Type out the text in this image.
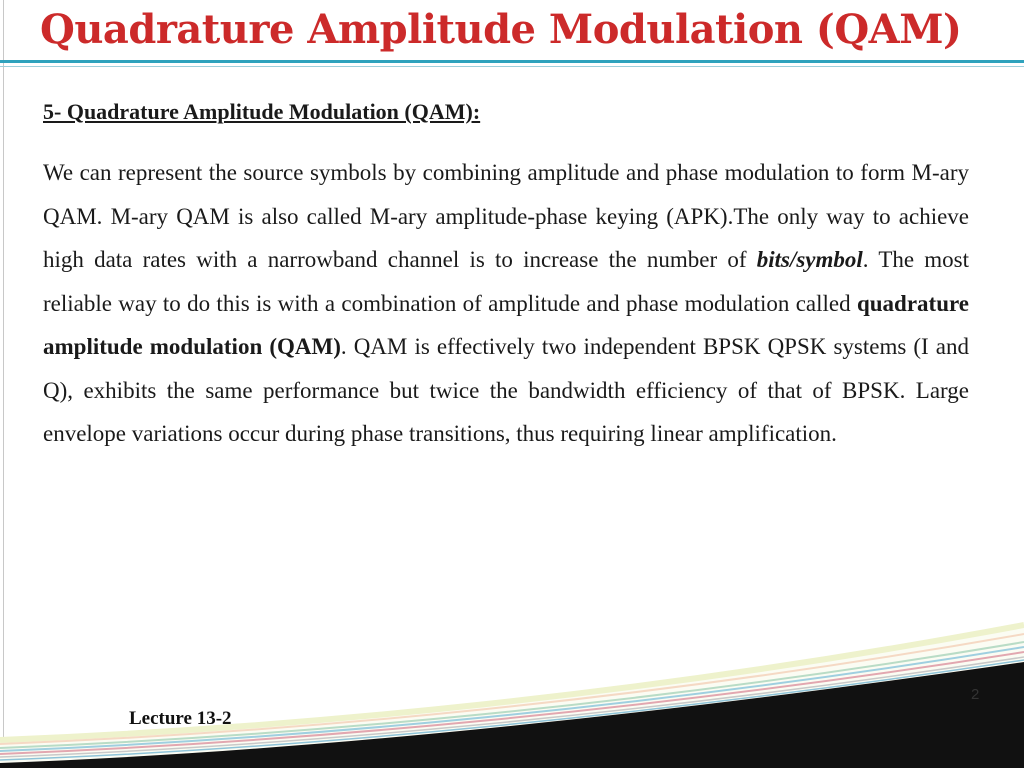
Quadrature Amplitude Modulation (QAM)

5- Quadrature Amplitude Modulation (QAM):

We can represent the source symbols by combining amplitude and phase modulation to form M-ary QAM. M-ary QAM is also called M-ary amplitude-phase keying (APK).The only way to achieve high data rates with a narrowband channel is to increase the number of bits/symbol. The most reliable way to do this is with a combination of amplitude and phase modulation called quadrature amplitude modulation (QAM). QAM is effectively two independent BPSK QPSK systems (I and Q), exhibits the same performance but twice the bandwidth efficiency of that of BPSK. Large envelope variations occur during phase transitions, thus requiring linear amplification.

2
Lecture 13-2
